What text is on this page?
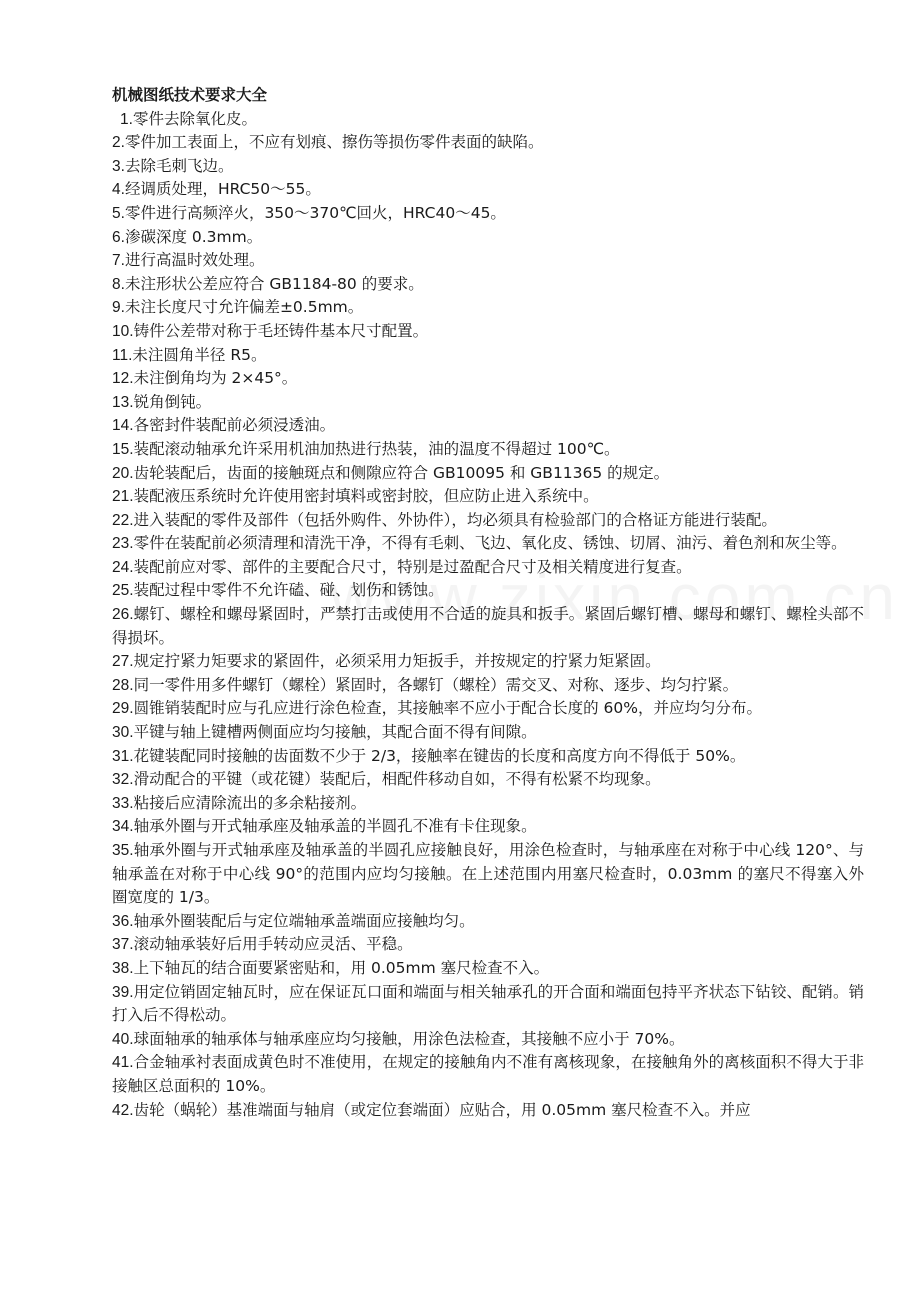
机械图纸技术要求大全

1.零件去除氧化皮。

2.零件加工表面上，不应有划痕、擦伤等损伤零件表面的缺陷。

3.去除毛刺飞边。

4.经调质处理，HRC50～55。

5.零件进行高频淬火，350～370℃回火，HRC40～45。

6.渗碳深度 0.3mm。

7.进行高温时效处理。

8.未注形状公差应符合 GB1184-80 的要求。

9.未注长度尺寸允许偏差±0.5mm。

10.铸件公差带对称于毛坯铸件基本尺寸配置。

11.未注圆角半径 R5。

12.未注倒角均为 2×45°。

13.锐角倒钝。

14.各密封件装配前必须浸透油。

15.装配滚动轴承允许采用机油加热进行热装，油的温度不得超过 100℃。

20.齿轮装配后，齿面的接触斑点和侧隙应符合 GB10095 和 GB11365 的规定。

21.装配液压系统时允许使用密封填料或密封胶，但应防止进入系统中。

22.进入装配的零件及部件（包括外购件、外协件），均必须具有检验部门的合格证方能进行装配。

23.零件在装配前必须清理和清洗干净，不得有毛刺、飞边、氧化皮、锈蚀、切屑、油污、着色剂和灰尘等。

24.装配前应对零、部件的主要配合尺寸，特别是过盈配合尺寸及相关精度进行复查。

25.装配过程中零件不允许磕、碰、划伤和锈蚀。

26.螺钉、螺栓和螺母紧固时，严禁打击或使用不合适的旋具和扳手。紧固后螺钉槽、螺母和螺钉、螺栓头部不得损坏。

27.规定拧紧力矩要求的紧固件，必须采用力矩扳手，并按规定的拧紧力矩紧固。

28.同一零件用多件螺钉（螺栓）紧固时，各螺钉（螺栓）需交叉、对称、逐步、均匀拧紧。

29.圆锥销装配时应与孔应进行涂色检查，其接触率不应小于配合长度的 60%，并应均匀分布。

30.平键与轴上键槽两侧面应均匀接触，其配合面不得有间隙。

31.花键装配同时接触的齿面数不少于 2/3，接触率在键齿的长度和高度方向不得低于 50%。

32.滑动配合的平键（或花键）装配后，相配件移动自如，不得有松紧不均现象。

33.粘接后应清除流出的多余粘接剂。

34.轴承外圈与开式轴承座及轴承盖的半圆孔不准有卡住现象。

35.轴承外圈与开式轴承座及轴承盖的半圆孔应接触良好，用涂色检查时，与轴承座在对称于中心线 120°、与轴承盖在对称于中心线 90°的范围内应均匀接触。在上述范围内用塞尺检查时，0.03mm 的塞尺不得塞入外圈宽度的 1/3。

36.轴承外圈装配后与定位端轴承盖端面应接触均匀。

37.滚动轴承装好后用手转动应灵活、平稳。

38.上下轴瓦的结合面要紧密贴和，用 0.05mm 塞尺检查不入。

39.用定位销固定轴瓦时，应在保证瓦口面和端面与相关轴承孔的开合面和端面包持平齐状态下钻铰、配销。销打入后不得松动。

40.球面轴承的轴承体与轴承座应均匀接触，用涂色法检查，其接触不应小于 70%。

41.合金轴承衬表面成黄色时不准使用，在规定的接触角内不准有离核现象，在接触角外的离核面积不得大于非接触区总面积的 10%。

42.齿轮（蜗轮）基准端面与轴肩（或定位套端面）应贴合，用 0.05mm 塞尺检查不入。并应
